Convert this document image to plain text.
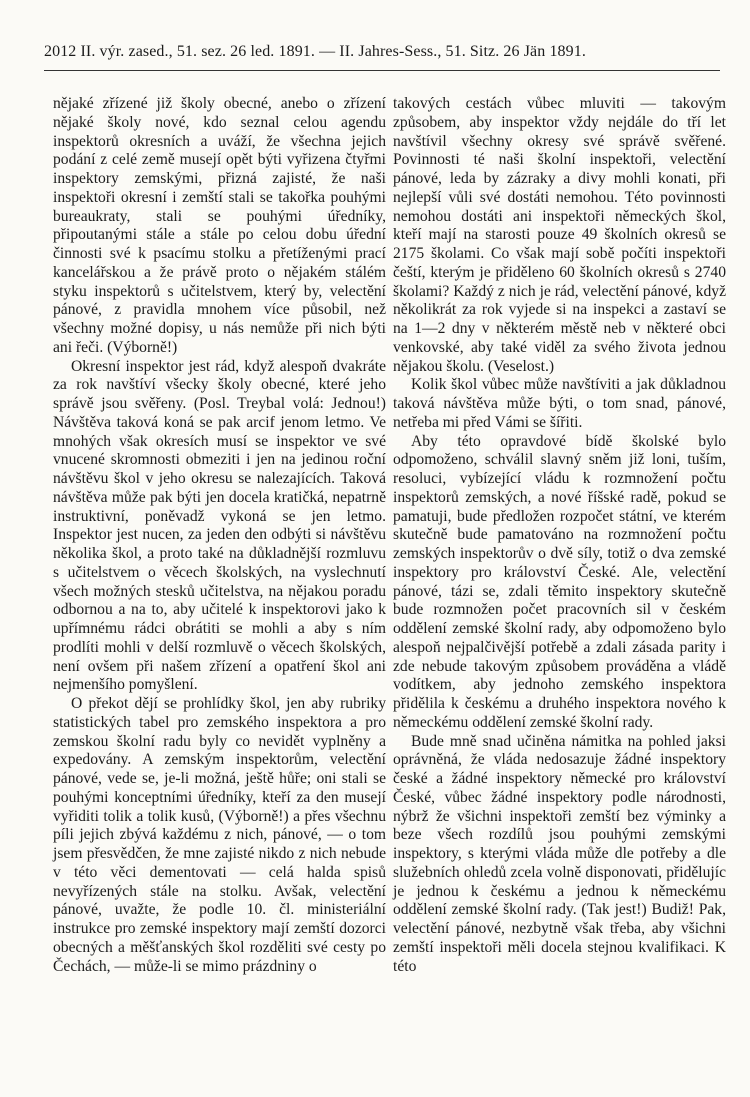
2012 II. výr. zased., 51. sez. 26 led. 1891. — II. Jahres-Sess., 51. Sitz. 26 Jän 1891.

nějaké zřízené již školy obecné, anebo o zřízení nějaké školy nové, kdo seznal celou agendu inspektorů okresních a uváží, že všechna jejich podání z celé země musejí opět býti vyřizena čtyřmi inspektory zemskými, přizná zajisté, že naši inspektoři okresní i zemští stali se takořka pouhými bureaukraty, stali se pouhými úředníky, připoutanými stále a stále po celou dobu úřední činnosti své k psacímu stolku a přetíženými prací kancelářskou a že právě proto o nějakém stálém styku inspektorů s učitelstvem, který by, velectění pánové, z pravidla mnohem více působil, než všechny možné dopisy, u nás nemůže při nich býti ani řeči. (Výborně!)

Okresní inspektor jest rád, když alespoň dvakráte za rok navštíví všecky školy obecné, které jeho správě jsou svěřeny. (Posl. Treybal volá: Jednou!) Návštěva taková koná se pak arcif jenom letmo. Ve mnohých však okresích musí se inspektor ve své vnucené skromnosti obmeziti i jen na jedinou roční návštěvu škol v jeho okresu se nalezajících. Taková návštěva může pak býti jen docela kratičká, nepatrně instruktivní, poněvadž vykoná se jen letmo. Inspektor jest nucen, za jeden den odbýti si návštěvu několika škol, a proto také na důkladnější rozmluvu s učitelstvem o věcech školských, na vyslechnutí všech možných stesků učitelstva, na nějakou poradu odbornou a na to, aby učitelé k inspektorovi jako k upřímnému rádci obrátiti se mohli a aby s ním prodlíti mohli v delší rozmluvě o věcech školských, není ovšem při našem zřízení a opatření škol ani nejmenšího pomyšlení.

O překot dějí se prohlídky škol, jen aby rubriky statistických tabel pro zemského inspektora a pro zemskou školní radu byly co nevidět vyplněny a expedovány. A zemským inspektorům, velectění pánové, vede se, je-li možná, ještě hůře; oni stali se pouhými konceptními úředníky, kteří za den musejí vyřiditi tolik a tolik kusů, (Výborně!) a přes všechnu píli jejich zbývá každému z nich, pánové, — o tom jsem přesvědčen, že mne zajisté nikdo z nich nebude v této věci dementovati — celá halda spisů nevyřízených stále na stolku. Avšak, velectění pánové, uvažte, že podle 10. čl. ministeriální instrukce pro zemské inspektory mají zemští dozorci obecných a měšťanských škol rozděliti své cesty po Čechách, — může-li se mimo prázdniny o

takových cestách vůbec mluviti — takovým způsobem, aby inspektor vždy nejdále do tří let navštívil všechny okresy své správě svěřené. Povinnosti té naši školní inspektoři, velectění pánové, leda by zázraky a divy mohli konati, při nejlepší vůli své dostáti nemohou. Této povinnosti nemohou dostáti ani inspektoři německých škol, kteří mají na starosti pouze 49 školních okresů se 2175 školami. Co však mají sobě počíti inspektoři čeští, kterým je přiděleno 60 školních okresů s 2740 školami? Každý z nich je rád, velectění pánové, když několikrát za rok vyjede si na inspekci a zastaví se na 1—2 dny v některém městě neb v některé obci venkovské, aby také viděl za svého života jednou nějakou školu. (Veselost.)

Kolik škol vůbec může navštíviti a jak důkladnou taková návštěva může býti, o tom snad, pánové, netřeba mi před Vámi se šířiti.

Aby této opravdové bídě školské bylo odpomoženo, schválil slavný sněm již loni, tuším, resoluci, vybízející vládu k rozmnožení počtu inspektorů zemských, a nové říšské radě, pokud se pamatuji, bude předložen rozpočet státní, ve kterém skutečně bude pamatováno na rozmnožení počtu zemských inspektorův o dvě síly, totiž o dva zemské inspektory pro království České. Ale, velectění pánové, tázi se, zdali těmito inspektory skutečně bude rozmnožen počet pracovních sil v českém oddělení zemské školní rady, aby odpomoženo bylo alespoň nejpalčivější potřebě a zdali zásada parity i zde nebude takovým způsobem prováděna a vládě vodítkem, aby jednoho zemského inspektora přidělila k českému a druhého inspektora nového k německému oddělení zemské školní rady.

Bude mně snad učiněna námitka na pohled jaksi oprávněná, že vláda nedosazuje žádné inspektory české a žádné inspektory německé pro království České, vůbec žádné inspektory podle národnosti, nýbrž že všichni inspektoři zemští bez výminky a beze všech rozdílů jsou pouhými zemskými inspektory, s kterými vláda může dle potřeby a dle služebních ohledů zcela volně disponovati, přidělujíc je jednou k českému a jednou k německému oddělení zemské školní rady. (Tak jest!) Budiž! Pak, velectění pánové, nezbytně však třeba, aby všichni zemští inspektoři měli docela stejnou kvalifikaci. K této
